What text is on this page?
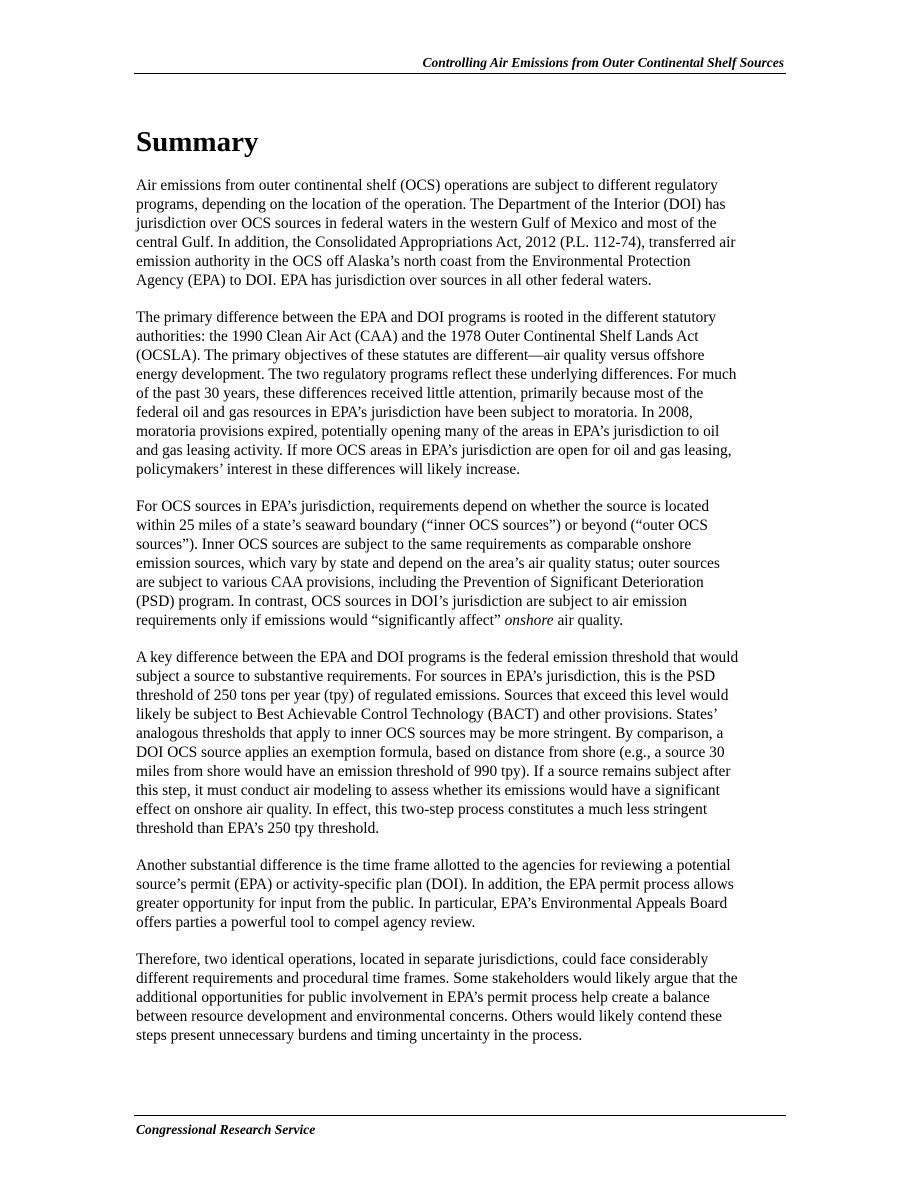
Controlling Air Emissions from Outer Continental Shelf Sources
Summary

Air emissions from outer continental shelf (OCS) operations are subject to different regulatory
programs, depending on the location of the operation. The Department of the Interior (DOI) has
jurisdiction over OCS sources in federal waters in the western Gulf of Mexico and most of the
central Gulf. In addition, the Consolidated Appropriations Act, 2012 (P.L. 112-74), transferred air
emission authority in the OCS off Alaska’s north coast from the Environmental Protection
Agency (EPA) to DOI. EPA has jurisdiction over sources in all other federal waters.

The primary difference between the EPA and DOI programs is rooted in the different statutory
authorities: the 1990 Clean Air Act (CAA) and the 1978 Outer Continental Shelf Lands Act
(OCSLA). The primary objectives of these statutes are different—air quality versus offshore
energy development. The two regulatory programs reflect these underlying differences. For much
of the past 30 years, these differences received little attention, primarily because most of the
federal oil and gas resources in EPA’s jurisdiction have been subject to moratoria. In 2008,
moratoria provisions expired, potentially opening many of the areas in EPA’s jurisdiction to oil
and gas leasing activity. If more OCS areas in EPA’s jurisdiction are open for oil and gas leasing,
policymakers’ interest in these differences will likely increase.

For OCS sources in EPA’s jurisdiction, requirements depend on whether the source is located
within 25 miles of a state’s seaward boundary (“inner OCS sources”) or beyond (“outer OCS
sources”). Inner OCS sources are subject to the same requirements as comparable onshore
emission sources, which vary by state and depend on the area’s air quality status; outer sources
are subject to various CAA provisions, including the Prevention of Significant Deterioration
(PSD) program. In contrast, OCS sources in DOI’s jurisdiction are subject to air emission
requirements only if emissions would “significantly affect” onshore air quality.

A key difference between the EPA and DOI programs is the federal emission threshold that would
subject a source to substantive requirements. For sources in EPA’s jurisdiction, this is the PSD
threshold of 250 tons per year (tpy) of regulated emissions. Sources that exceed this level would
likely be subject to Best Achievable Control Technology (BACT) and other provisions. States’
analogous thresholds that apply to inner OCS sources may be more stringent. By comparison, a
DOI OCS source applies an exemption formula, based on distance from shore (e.g., a source 30
miles from shore would have an emission threshold of 990 tpy). If a source remains subject after
this step, it must conduct air modeling to assess whether its emissions would have a significant
effect on onshore air quality. In effect, this two-step process constitutes a much less stringent
threshold than EPA’s 250 tpy threshold.

Another substantial difference is the time frame allotted to the agencies for reviewing a potential
source’s permit (EPA) or activity-specific plan (DOI). In addition, the EPA permit process allows
greater opportunity for input from the public. In particular, EPA’s Environmental Appeals Board
offers parties a powerful tool to compel agency review.

Therefore, two identical operations, located in separate jurisdictions, could face considerably
different requirements and procedural time frames. Some stakeholders would likely argue that the
additional opportunities for public involvement in EPA’s permit process help create a balance
between resource development and environmental concerns. Others would likely contend these
steps present unnecessary burdens and timing uncertainty in the process.

Congressional Research Service
